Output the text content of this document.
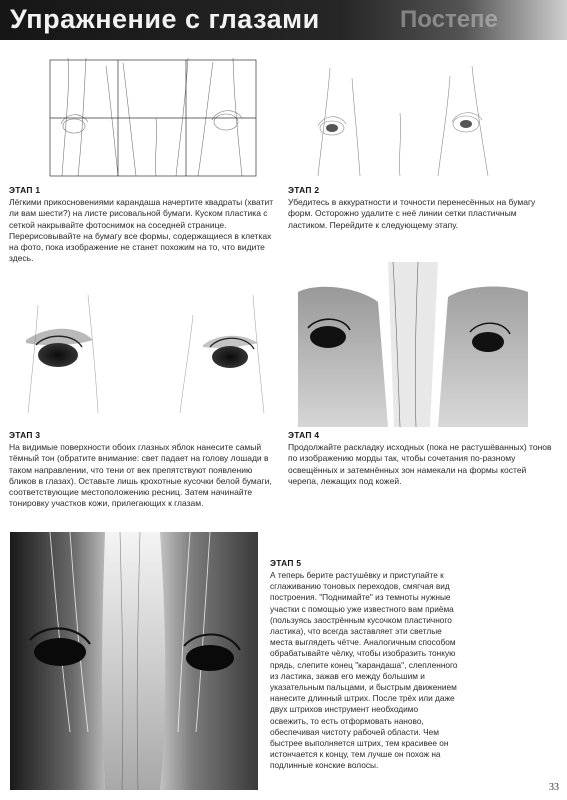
Постепе
Упражнение с глазами
ЭТАП 1
Лёгкими прикосновениями карандаша начертите квадраты (хватит ли вам шести?) на листе рисовальной бумаги. Куском пластика с сеткой накрывайте фотоснимок на соседней странице. Перерисовывайте на бумагу все формы, содержащиеся в клетках на фото, пока изображение не станет похожим на то, что видите здесь.
ЭТАП 2
Убедитесь в аккуратности и точности перенесённых на бумагу форм. Осторожно удалите с неё линии сетки пластичным ластиком. Перейдите к следующему этапу.
ЭТАП 3
На видимые поверхности обоих глазных яблок нанесите самый тёмный тон (обратите внимание: свет падает на голову лошади в таком направлении, что тени от век препятствуют появлению бликов в глазах). Оставьте лишь крохотные кусочки белой бумаги, соответствующие местоположению ресниц. Затем начинайте тонировку участков кожи, прилегающих к глазам.
ЭТАП 4
Продолжайте раскладку исходных (пока не растушёванных) тонов по изображению морды так, чтобы сочетания по-разному освещённых и затемнённых зон намекали на формы костей черепа, лежащих под кожей.
ЭТАП 5
А теперь берите растушёвку и приступайте к сглаживанию тоновых переходов, смягчая вид построения. "Поднимайте" из темноты нужные участки с помощью уже известного вам приёма (пользуясь заострённым кусочком пластичного ластика), что всегда заставляет эти светлые места выглядеть чётче. Аналогичным способом обрабатывайте чёлку, чтобы изобразить тонкую прядь, слепите конец "карандаша", слепленного из ластика, зажав его между большим и указательным пальцами, и быстрым движением нанесите длинный штрих. После трёх или даже двух штрихов инструмент необходимо освежить, то есть отформовать наново, обеспечивая чистоту рабочей области. Чем быстрее выполняется штрих, тем красивее он истончается к концу, тем лучше он похож на подлинные конские волосы.
33
